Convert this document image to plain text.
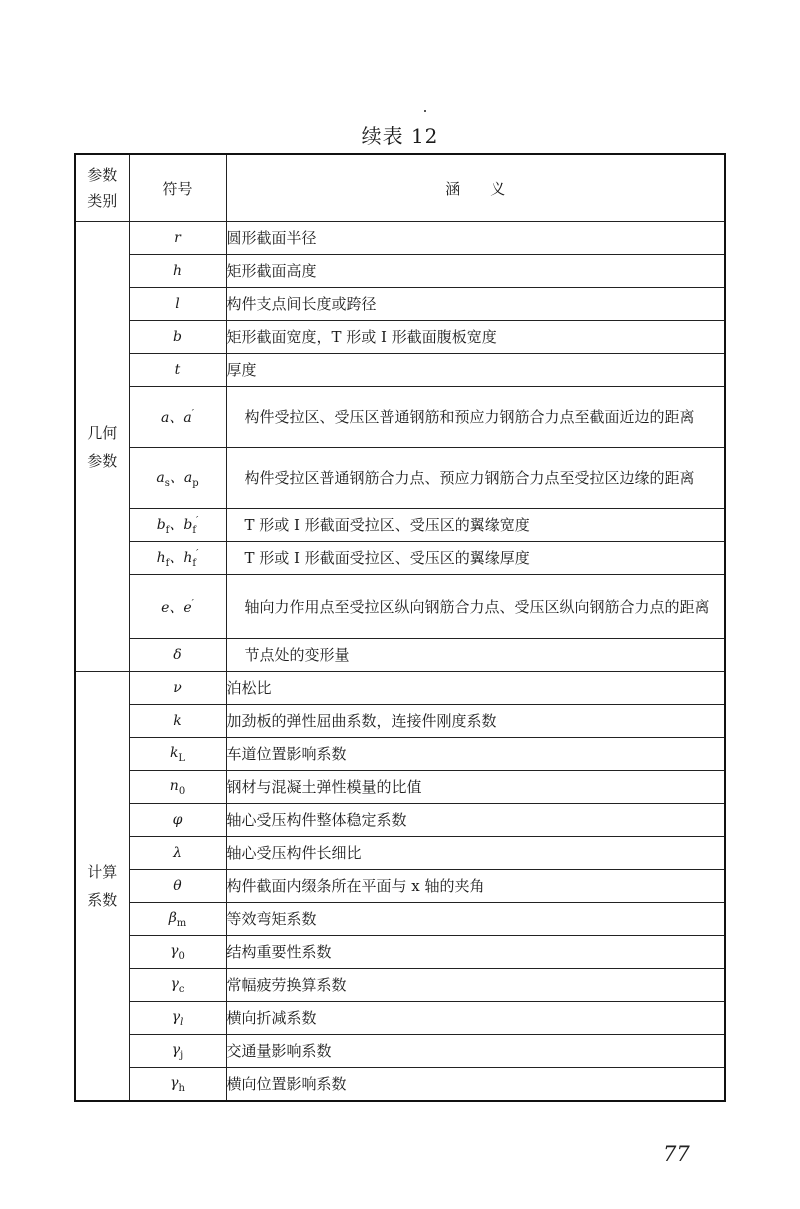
续表 12
参数
类别	符号	涵　　义

几何
参数	r	圆形截面半径
	h	矩形截面高度
	l	构件支点间长度或跨径
	b	矩形截面宽度，T 形或 I 形截面腹板宽度
	t	厚度
	a、a′	构件受拉区、受压区普通钢筋和预应力钢筋合力点至截面近边的距离
	$a_s$、$a_p$	构件受拉区普通钢筋合力点、预应力钢筋合力点至受拉区边缘的距离
	$b_f$、$b_f'$	T 形或 I 形截面受拉区、受压区的翼缘宽度
	$h_f$、$h_f'$	T 形或 I 形截面受拉区、受压区的翼缘厚度
	e、e′	轴向力作用点至受拉区纵向钢筋合力点、受压区纵向钢筋合力点的距离
	δ	节点处的变形量

计算
系数	ν	泊松比
	k	加劲板的弹性屈曲系数，连接件刚度系数
	$k_L$	车道位置影响系数
	$n_0$	钢材与混凝土弹性模量的比值
	φ	轴心受压构件整体稳定系数
	λ	轴心受压构件长细比
	θ	构件截面内缀条所在平面与 x 轴的夹角
	$\beta_m$	等效弯矩系数
	$\gamma_0$	结构重要性系数
	$\gamma_c$	常幅疲劳换算系数
	$\gamma_l$	横向折减系数
	$\gamma_j$	交通量影响系数
	$\gamma_h$	横向位置影响系数
77
